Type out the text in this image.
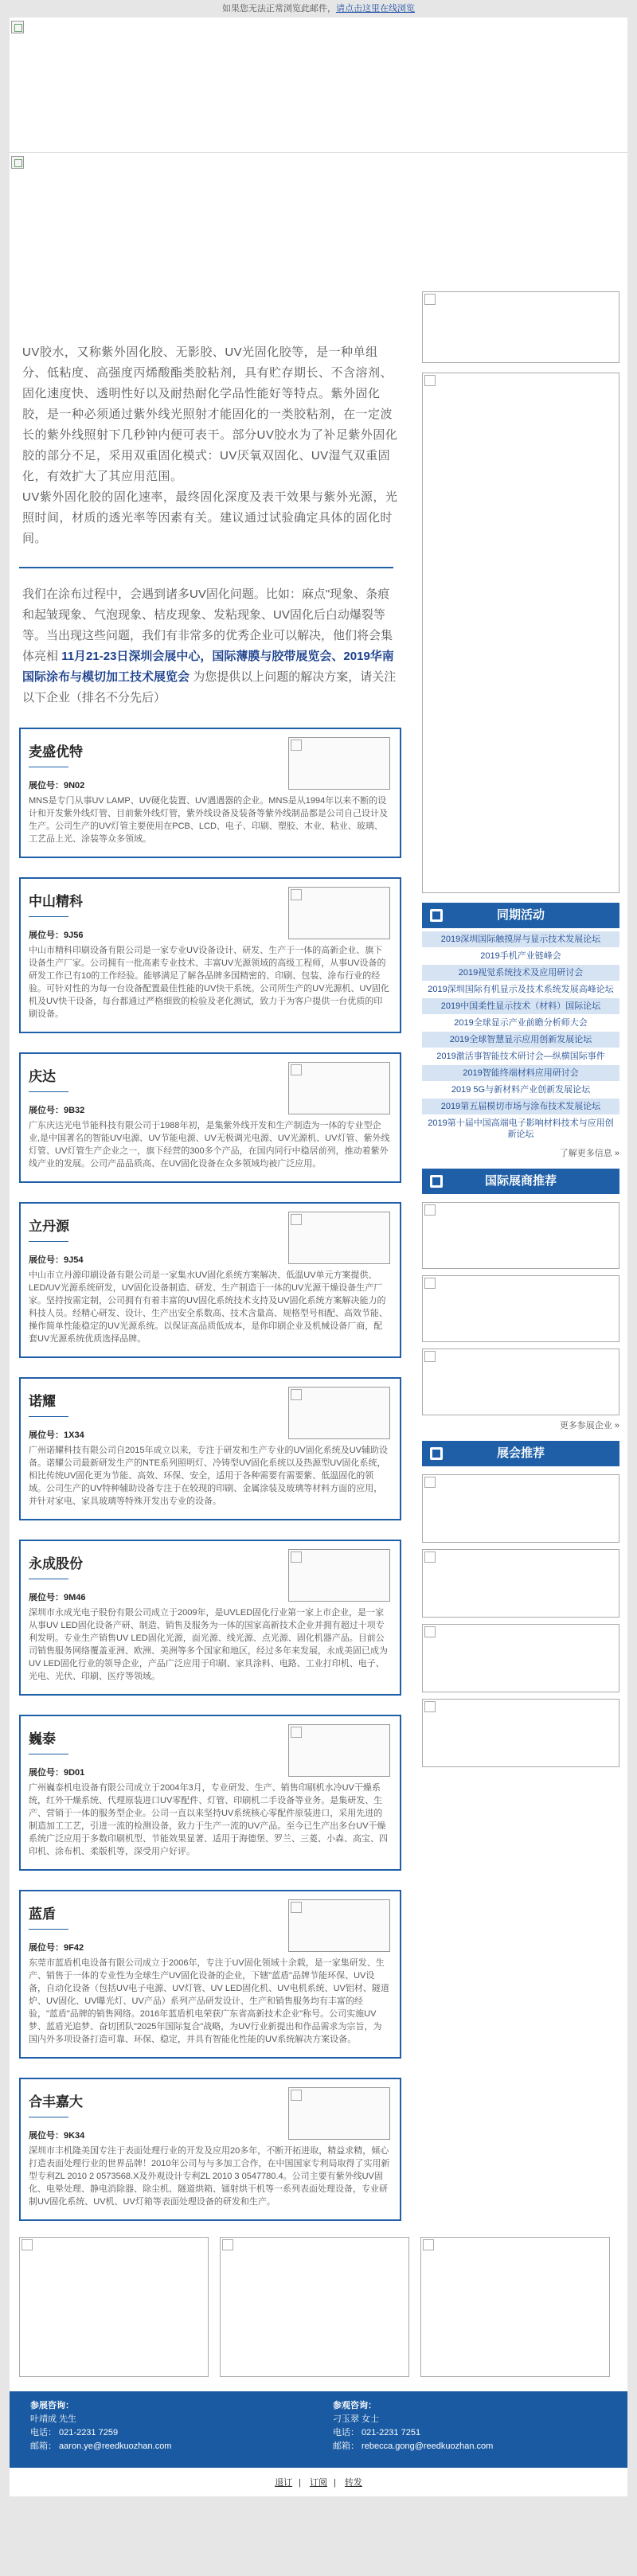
如果您无法正常浏览此邮件，请点击这里在线浏览
UV胶水，又称紫外固化胶、无影胶、UV光固化胶等，是一种单组分、低粘度、高强度丙烯酸酯类胶粘剂，具有贮存期长、不含溶剂、固化速度快、透明性好以及耐热耐化学品性能好等特点。紫外固化胶，是一种必须通过紫外线光照射才能固化的一类胶粘剂，在一定波长的紫外线照射下几秒钟内便可表干。部分UV胶水为了补足紫外固化胶的部分不足，采用双重固化模式：UV厌氧双固化、UV湿气双重固化，有效扩大了其应用范围。
UV紫外固化胶的固化速率，最终固化深度及表干效果与紫外光源，光照时间，材质的透光率等因素有关。建议通过试验确定具体的固化时间。
我们在涂布过程中，会遇到诸多UV固化问题。比如：麻点"现象、条痕和起皱现象、气泡现象、桔皮现象、发粘现象、UV固化后白动爆裂等等。当出现这些问题，我们有非常多的优秀企业可以解决，他们将会集体亮相 11月21-23日深圳会展中心，国际薄膜与胶带展览会、2019华南国际涂布与模切加工技术展览会 为您提供以上问题的解决方案，请关注以下企业（排名不分先后）
麦盛优特
展位号：9N02
MNS是专门从事UV LAMP、UV硬化装置、UV遇遇器的企业。MNS是从1994年以来不断的设计和开发紫外线灯管、目前紫外线灯管，紫外线设备及装备等紫外线制品都是公司自己设计及生产。公司生产的UV灯管主要使用在PCB、LCD、电子、印刷、塑胶、木业、粘业、玻璃、工艺品上光、涂装等众多领域。
中山精科
展位号：9J56
中山市精科印刷设备有限公司是一家专业UV设备设计、研发、生产于一体的高新企业、旗下设备生产厂家。公司拥有一批高素专业技术、丰富UV光源领域的高级工程师，从事UV设备的研发工作已有10的工作经验。能够满足了解各品牌多国精密的、印刷、包装、涂布行业的经验。可针对性的为每一台设备配置最佳性能的UV快干系统。公司所生产的UV光源机、UV固化机及UV快干设备，每台都通过严格细致的检验及老化测试，致力于为客户提供一台优质的印刷设备。
庆达
展位号：9B32
广东庆达光电节能科技有限公司于1988年初，是集紫外线开发和生产制造为一体的专业型企业,是中国著名的智能UV电源、UV节能电源、UV无极调光电源、UV光源机、UV灯管、紫外线灯管、UV灯管生产企业之一，旗下经营的300多个产品，在国内同行中稳居前列，推动着紫外线产业的发展。公司产品品质高、在UV固化设备在众多领域均被广泛应用。
立丹源
展位号：9J54
中山市立丹源印刷设备有限公司是一家集水UV固化系统方案解决、低温UV单元方案提供、LED/UV光源系统研发，UV固化设备制造、研发、生产制造于一体的UV光源干燥设备生产厂家。坚持按需定制，公司拥有有着丰富的UV固化系统技术支持及UV固化系统方案解决能力的科技人员。经精心研发、设计、生产出安全系数高、技术含量高、规格型号相配、高效节能、操作简单性能稳定的UV光源系统。以保证高品质低成本，是你印刷企业及机械设备厂商，配套UV光源系统优质选择品牌。
诺耀
展位号：1X34
广州诺耀科技有限公司自2015年成立以来，专注于研发和生产专业的UV固化系统及UV辅助设备。诺耀公司最新研发生产的NTE系列照明灯、冷铸型UV固化系统以及热源型UV固化系统，相比传统UV固化更为节能、高效、环保、安全，适用于各种需要有需要紫、低温固化的领域。公司生产的UV特种辅助设备专注于在较现的印刷、金属涂装及玻璃等材料方面的应用，并针对家电、家具玻璃等特殊开发出专业的设备。
永成股份
展位号：9M46
深圳市永成光电子股份有限公司成立于2009年，是UVLED固化行业第一家上市企业，是一家从事UV LED固化设备产研、制造、销售及服务为一体的国家高新技术企业并拥有超过十项专利发明。专业生产销售UV LED固化光源，面光源、线光源、点光源、固化机器产品。目前公司销售服务网络覆盖亚洲、欧洲、美洲等多个国家和地区，经过多年来发展，永成美固已成为UV LED固化行业的领导企业，产品广泛应用于印刷、家具涂料、电路、工业打印机、电子、光电、光伏、印刷、医疗等领域。
巍泰
展位号：9D01
广州巍泰机电设备有限公司成立于2004年3月，专业研发、生产、销售印刷机水冷UV干燥系统，红外干燥系统、代理原装进口UV零配件、灯管、印刷机二手设备等业务。是集研发、生产、营销于一体的服务型企业。公司一直以来坚持UV系统核心零配件原装进口，采用先进的制造加工工艺，引进一流的检测设备，致力于生产一流的UV产品。至今已生产出多台UV干燥系统广泛应用于多数印刷机型、节能效果显著、适用于海德堡、罗兰、三菱、小森、高宝、四印机、涂布机、柔版机等，深受用户好评。
蓝盾
展位号：9F42
东莞市蓝盾机电设备有限公司成立于2006年，专注于UV固化领域十余载，是一家集研发、生产、销售于一体的专业性为全球生产UV固化设备的企业，下辖"蓝盾"品牌节能环保、UV设备，自动化设备（包括UV电子电源、UV灯管、UV LED固化机、UV电机系统、UV铝材、隧道炉、UV固化、UV曝光灯、UV产品）系列产品研发设计、生产和销售服务均有丰富的经验，"蓝盾"品牌的销售网络。2016年蓝盾机电荣获广东省高新技术企业"称号。公司实施UV梦、蓝盾光追梦、奋切团队"2025年国际复合"战略，为UV行业新提出和作品需求为宗旨，为国内外多项设备打造可靠、环保、稳定，并具有智能化性能的UV系统解决方案设备。
合丰嘉大
展位号：9K34
深圳市丰机隆美国专注于表面处理行业的开发及应用20多年，不断开拓进取，精益求精，倾心打造表面处理行业的世界品牌！2010年公司与与多加工合作，在中国国家专利局取得了实用新型专利ZL 2010 2 0573568.X及外观设计专利ZL 2010 3 0547780.4。公司主要有紫外线UV固化、电晕处理、静电消除器、除尘机、隧道烘箱、镭射烘干机等一系列表面处理设备，专业研制UV固化系统、UV机、UV灯箱等表面处理设备的研发和生产。
同期活动
2019深圳国际触摸屏与显示技术发展论坛
2019手机产业链峰会
2019视觉系统技术及应用研讨会
2019深圳国际有机显示及技术系统发展高峰论坛
2019中国柔性显示技术（材料）国际论坛
2019全球显示产业前瞻分析师大会
2019全球智慧显示应用创新发展论坛
2019激活事智能技术研讨会—纵横国际事件
2019智能终端材料应用研讨会
2019 5G与新材料产业创新发展论坛
2019第五届模切市场与涂布技术发展论坛
2019第十届中国高端电子影响材料技术与应用创新论坛
了解更多信息 »
国际展商推荐
更多参展企业 »
展会推荐
参展咨询：
叶靖成 先生
电话： 021-2231 7259
邮箱： aaron.ye@reedkuozhan.com
参观咨询：
刁玉翠 女士
电话： 021-2231 7251
邮箱： rebecca.gong@reedkuozhan.com
退订 | 订阅 | 转发
